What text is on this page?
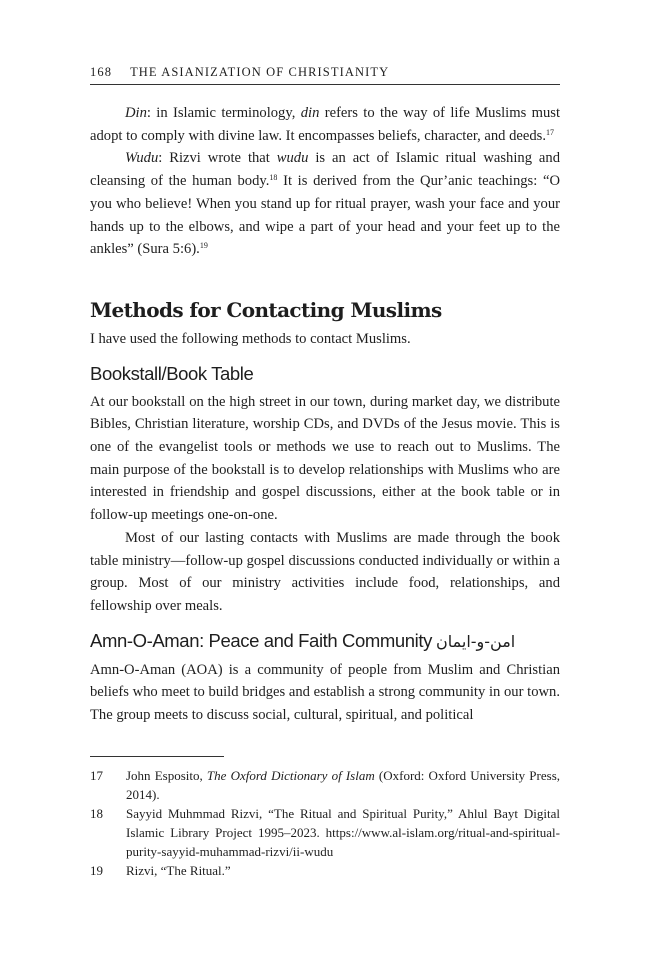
168 THE ASIANIZATION OF CHRISTIANITY

Din: in Islamic terminology, din refers to the way of life Muslims must adopt to comply with divine law. It encompasses beliefs, character, and deeds.$^{17}$

Wudu: Rizvi wrote that wudu is an act of Islamic ritual washing and cleansing of the human body.$^{18}$ It is derived from the Qur’anic teachings: “O you who believe! When you stand up for ritual prayer, wash your face and your hands up to the elbows, and wipe a part of your head and your feet up to the ankles” (Sura 5:6).$^{19}$

Methods for Contacting Muslims

I have used the following methods to contact Muslims.

Bookstall/Book Table

At our bookstall on the high street in our town, during market day, we distribute Bibles, Christian literature, worship CDs, and DVDs of the Jesus movie. This is one of the evangelist tools or methods we use to reach out to Muslims. The main purpose of the bookstall is to develop relationships with Muslims who are interested in friendship and gospel discussions, either at the book table or in follow-up meetings one-on-one.

Most of our lasting contacts with Muslims are made through the book table ministry—follow-up gospel discussions conducted individually or within a group. Most of our ministry activities include food, relationships, and fellowship over meals.

Amn-O-Aman: Peace and Faith Community امن-و-ایمان

Amn-O-Aman (AOA) is a community of people from Muslim and Christian beliefs who meet to build bridges and establish a strong community in our town. The group meets to discuss social, cultural, spiritual, and political

17	John Esposito, The Oxford Dictionary of Islam (Oxford: Oxford University Press, 2014).
18	Sayyid Muhmmad Rizvi, “The Ritual and Spiritual Purity,” Ahlul Bayt Digital Islamic Library Project 1995–2023. https://www.al-islam.org/ritual-and-spiritual-purity-sayyid-muhammad-rizvi/ii-wudu
19	Rizvi, “The Ritual.”
